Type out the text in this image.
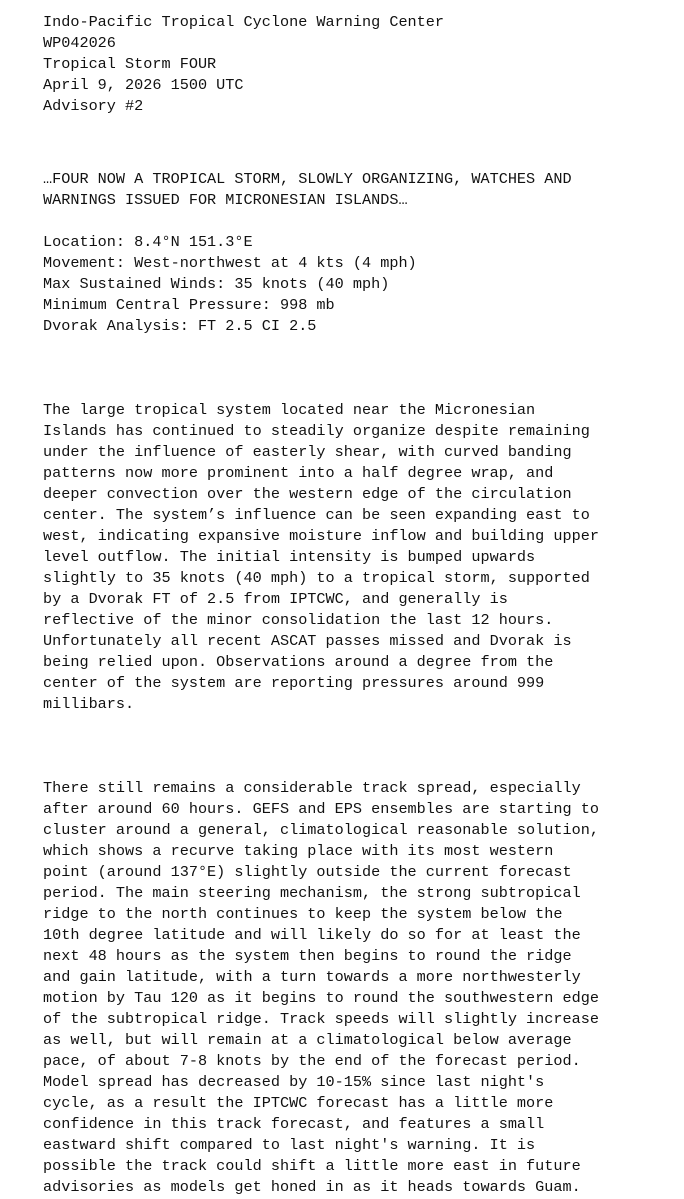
Indo-Pacific Tropical Cyclone Warning Center

WP042026

Tropical Storm FOUR

April 9, 2026 1500 UTC

Advisory #2

…FOUR NOW A TROPICAL STORM, SLOWLY ORGANIZING, WATCHES AND

WARNINGS ISSUED FOR MICRONESIAN ISLANDS…

Location: 8.4°N 151.3°E

Movement: West-northwest at 4 kts (4 mph)

Max Sustained Winds: 35 knots (40 mph)

Minimum Central Pressure: 998 mb

Dvorak Analysis: FT 2.5 CI 2.5

The large tropical system located near the Micronesian

Islands has continued to steadily organize despite remaining

under the influence of easterly shear, with curved banding

patterns now more prominent into a half degree wrap, and

deeper convection over the western edge of the circulation

center. The system’s influence can be seen expanding east to

west, indicating expansive moisture inflow and building upper

level outflow. The initial intensity is bumped upwards

slightly to 35 knots (40 mph) to a tropical storm, supported

by a Dvorak FT of 2.5 from IPTCWC, and generally is

reflective of the minor consolidation the last 12 hours.

Unfortunately all recent ASCAT passes missed and Dvorak is

being relied upon. Observations around a degree from the

center of the system are reporting pressures around 999

millibars.

There still remains a considerable track spread, especially

after around 60 hours. GEFS and EPS ensembles are starting to

cluster around a general, climatological reasonable solution,

which shows a recurve taking place with its most western

point (around 137°E) slightly outside the current forecast

period. The main steering mechanism, the strong subtropical

ridge to the north continues to keep the system below the

10th degree latitude and will likely do so for at least the

next 48 hours as the system then begins to round the ridge

and gain latitude, with a turn towards a more northwesterly

motion by Tau 120 as it begins to round the southwestern edge

of the subtropical ridge. Track speeds will slightly increase

as well, but will remain at a climatological below average

pace, of about 7-8 knots by the end of the forecast period.

Model spread has decreased by 10-15% since last night's

cycle, as a result the IPTCWC forecast has a little more

confidence in this track forecast, and features a small

eastward shift compared to last night's warning. It is

possible the track could shift a little more east in future

advisories as models get honed in as it heads towards Guam.
